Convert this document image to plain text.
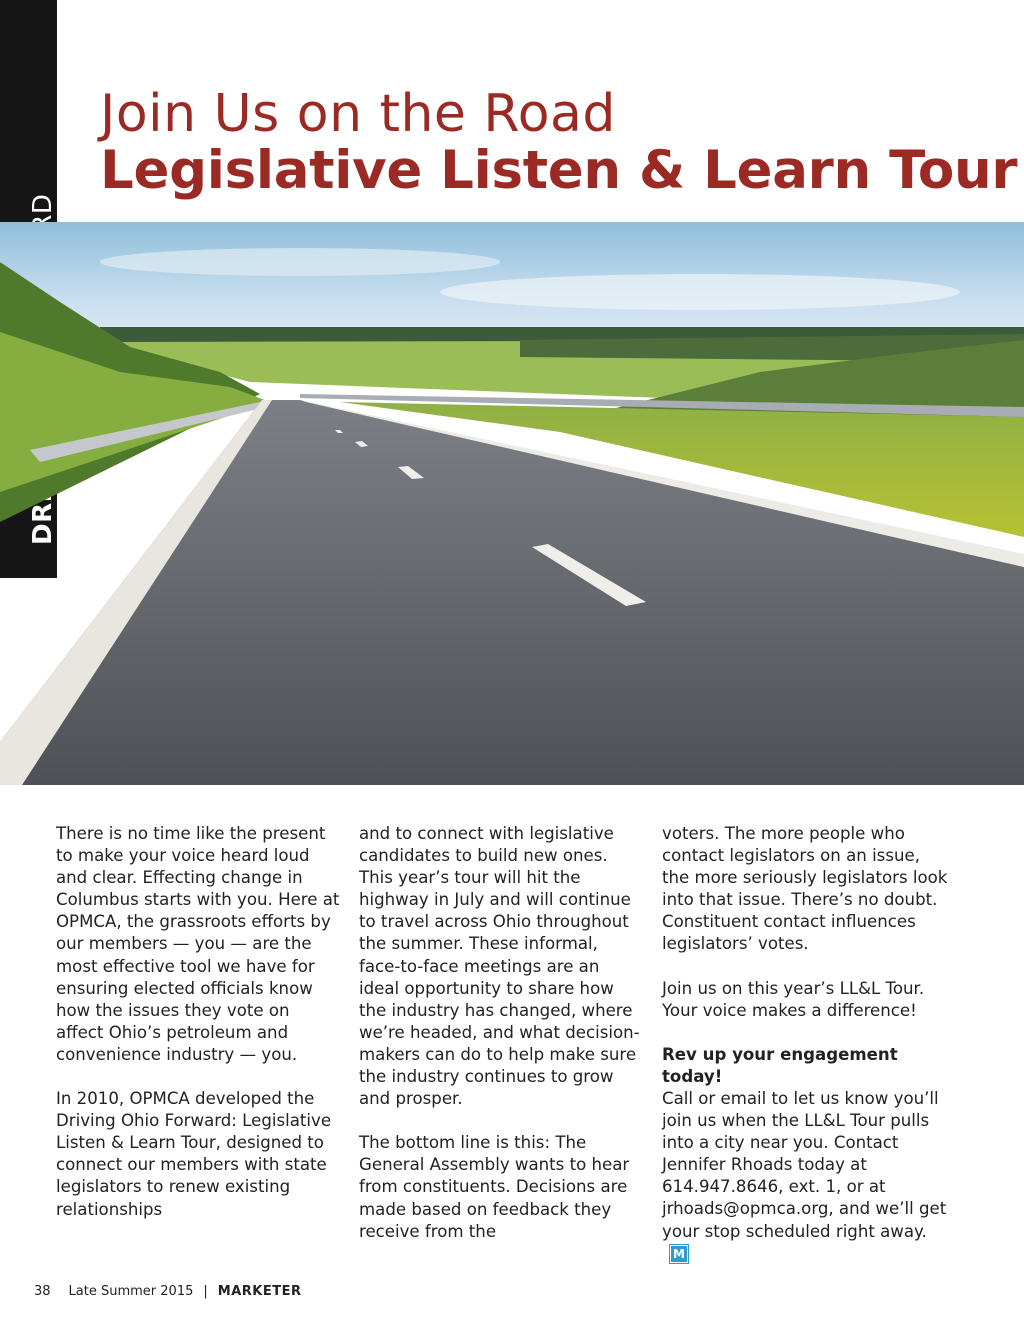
Join Us on the Road
Legislative Listen & Learn Tour

There is no time like the present to make your voice heard loud and clear. Effecting change in Columbus starts with you. Here at OPMCA, the grassroots efforts by our members — you — are the most effective tool we have for ensuring elected officials know how the issues they vote on affect Ohio’s petroleum and convenience industry — you.

In 2010, OPMCA developed the Driving Ohio Forward: Legislative Listen & Learn Tour, designed to connect our members with state legislators to renew existing relationships

and to connect with legislative candidates to build new ones. This year’s tour will hit the highway in July and will continue to travel across Ohio throughout the summer. These informal, face-to-face meetings are an ideal opportunity to share how the industry has changed, where we’re headed, and what decision-makers can do to help make sure the industry continues to grow and prosper.

The bottom line is this: The General Assembly wants to hear from constituents. Decisions are made based on feedback they receive from the

voters. The more people who contact legislators on an issue, the more seriously legislators look into that issue. There’s no doubt. Constituent contact influences legislators’ votes.

Join us on this year’s LL&L Tour. Your voice makes a difference!

Rev up your engagement today!
Call or email to let us know you’ll join us when the LL&L Tour pulls into a city near you. Contact Jennifer Rhoads today at 614.947.8646, ext. 1, or at jrhoads@opmca.org, and we’ll get your stop scheduled right away.M

38 Late Summer 2015 | MARKETER
